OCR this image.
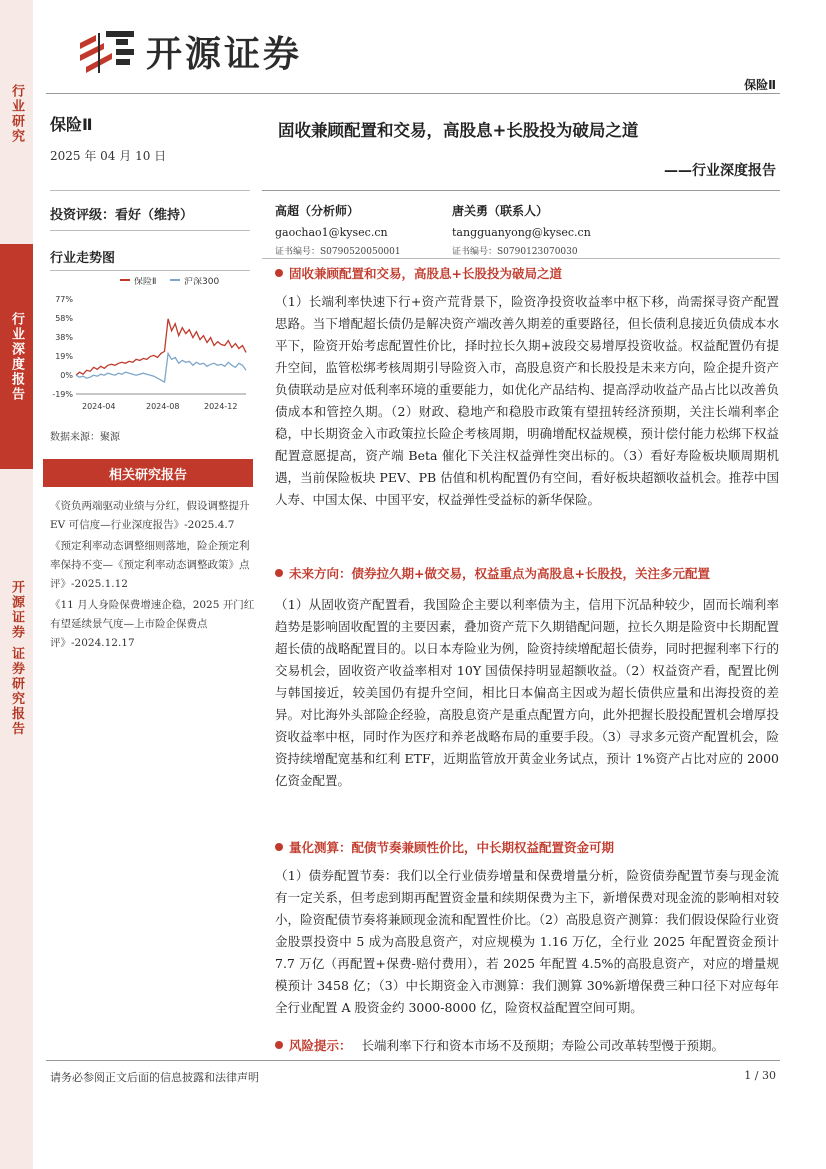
行业研究
行业深度报告
开源证券 证券研究报告
开源证券
保险Ⅱ
保险Ⅱ
2025 年 04 月 10 日
投资评级：看好（维持）
行业走势图
保险Ⅱ	沪深300
77%
58%
38%
19%
0%
-19%
2024-04	2024-08	2024-12
数据来源：聚源
相关研究报告
《资负两端驱动业绩与分红，假设调整提升 EV 可信度—行业深度报告》-2025.4.7
《预定利率动态调整细则落地，险企预定利率保持不变—《预定利率动态调整政策》点评》-2025.1.12
《11 月人身险保费增速企稳，2025 开门红有望延续景气度—上市险企保费点评》-2024.12.17
固收兼顾配置和交易，高股息+长股投为破局之道
——行业深度报告
高超（分析师）
gaochao1@kysec.cn
证书编号：S0790520050001
唐关勇（联系人）
tangguanyong@kysec.cn
证书编号：S0790123070030
固收兼顾配置和交易，高股息+长股投为破局之道
（1）长端利率快速下行+资产荒背景下，险资净投资收益率中枢下移，尚需探寻资产配置思路。当下增配超长债仍是解决资产端改善久期差的重要路径，但长债利息接近负债成本水平下，险资开始考虑配置性价比，择时拉长久期+波段交易增厚投资收益。权益配置仍有提升空间，监管松绑考核周期引导险资入市，高股息资产和长股投是未来方向，险企提升资产负债联动是应对低利率环境的重要能力，如优化产品结构、提高浮动收益产品占比以改善负债成本和管控久期。（2）财政、稳地产和稳股市政策有望扭转经济预期，关注长端利率企稳，中长期资金入市政策拉长险企考核周期，明确增配权益规模，预计偿付能力松绑下权益配置意愿提高，资产端 Beta 催化下关注权益弹性突出标的。（3）看好寿险板块顺周期机遇，当前保险板块 PEV、PB 估值和机构配置仍有空间，看好板块超额收益机会。推荐中国人寿、中国太保、中国平安，权益弹性受益标的新华保险。
未来方向：债券拉久期+做交易，权益重点为高股息+长股投，关注多元配置
（1）从固收资产配置看，我国险企主要以利率债为主，信用下沉品种较少，固而长端利率趋势是影响固收配置的主要因素，叠加资产荒下久期错配问题，拉长久期是险资中长期配置超长债的战略配置目的。以日本寿险业为例，险资持续增配超长债券，同时把握利率下行的交易机会，固收资产收益率相对 10Y 国债保持明显超额收益。（2）权益资产看，配置比例与韩国接近，较美国仍有提升空间，相比日本偏高主因或为超长债供应量和出海投资的差异。对比海外头部险企经验，高股息资产是重点配置方向，此外把握长股投配置机会增厚投资收益率中枢，同时作为医疗和养老战略布局的重要手段。（3）寻求多元资产配置机会，险资持续增配宽基和红利 ETF，近期监管放开黄金业务试点，预计 1%资产占比对应的 2000 亿资金配置。
量化测算：配债节奏兼顾性价比，中长期权益配置资金可期
（1）债券配置节奏：我们以全行业债券增量和保费增量分析，险资债券配置节奏与现金流有一定关系，但考虑到期再配置资金量和续期保费为主下，新增保费对现金流的影响相对较小，险资配债节奏将兼顾现金流和配置性价比。（2）高股息资产测算：我们假设保险行业资金股票投资中 5 成为高股息资产，对应规模为 1.16 万亿，全行业 2025 年配置资金预计 7.7 万亿（再配置+保费-赔付费用），若 2025 年配置 4.5%的高股息资产，对应的增量规模预计 3458 亿；（3）中长期资金入市测算：我们测算 30%新增保费三种口径下对应每年全行业配置 A 股资金约 3000-8000 亿，险资权益配置空间可期。
风险提示： 长端利率下行和资本市场不及预期；寿险公司改革转型慢于预期。
请务必参阅正文后面的信息披露和法律声明	1 / 30
